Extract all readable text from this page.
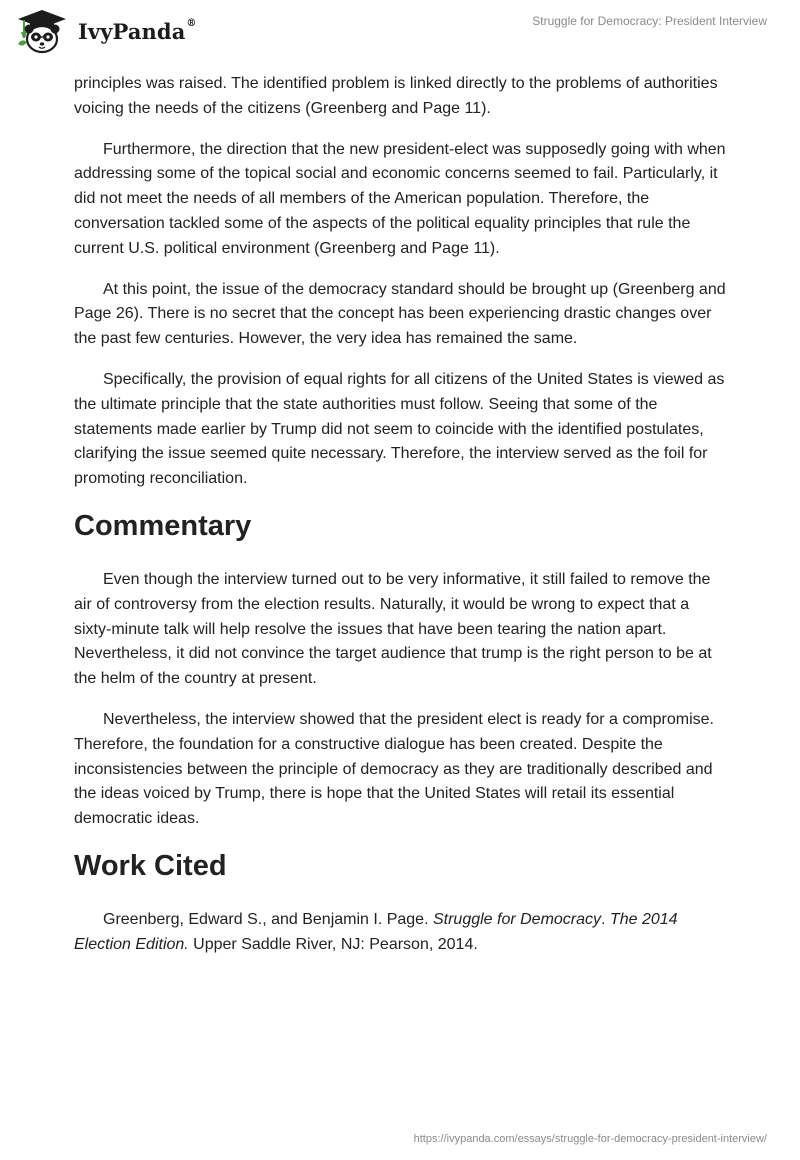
IvyPanda®	Struggle for Democracy: President Interview

principles was raised. The identified problem is linked directly to the problems of authorities voicing the needs of the citizens (Greenberg and Page 11).

Furthermore, the direction that the new president-elect was supposedly going with when addressing some of the topical social and economic concerns seemed to fail. Particularly, it did not meet the needs of all members of the American population. Therefore, the conversation tackled some of the aspects of the political equality principles that rule the current U.S. political environment (Greenberg and Page 11).

At this point, the issue of the democracy standard should be brought up (Greenberg and Page 26). There is no secret that the concept has been experiencing drastic changes over the past few centuries. However, the very idea has remained the same.

Specifically, the provision of equal rights for all citizens of the United States is viewed as the ultimate principle that the state authorities must follow. Seeing that some of the statements made earlier by Trump did not seem to coincide with the identified postulates, clarifying the issue seemed quite necessary. Therefore, the interview served as the foil for promoting reconciliation.

Commentary

Even though the interview turned out to be very informative, it still failed to remove the air of controversy from the election results. Naturally, it would be wrong to expect that a sixty-minute talk will help resolve the issues that have been tearing the nation apart. Nevertheless, it did not convince the target audience that trump is the right person to be at the helm of the country at present.

Nevertheless, the interview showed that the president elect is ready for a compromise. Therefore, the foundation for a constructive dialogue has been created. Despite the inconsistencies between the principle of democracy as they are traditionally described and the ideas voiced by Trump, there is hope that the United States will retail its essential democratic ideas.

Work Cited

Greenberg, Edward S., and Benjamin I. Page. Struggle for Democracy. The 2014 Election Edition. Upper Saddle River, NJ: Pearson, 2014.

https://ivypanda.com/essays/struggle-for-democracy-president-interview/
